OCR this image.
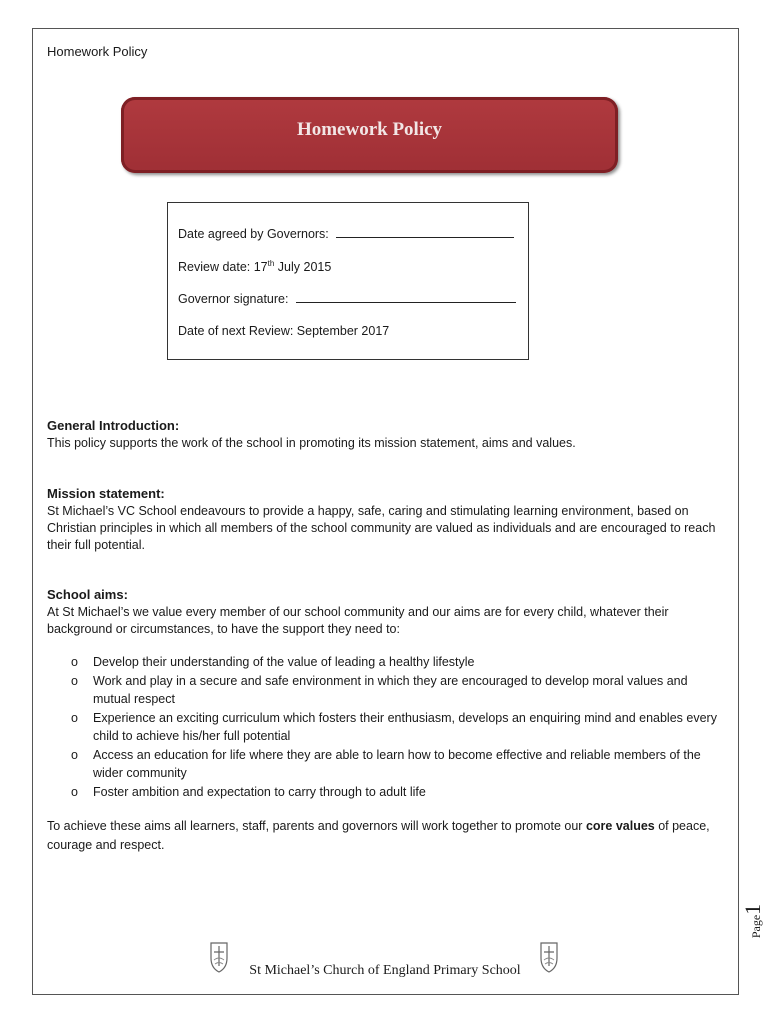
Homework Policy
Homework Policy
Date agreed by Governors:
Review date: 17th July 2015
Governor signature:
Date of next Review: September 2017
General Introduction:
This policy supports the work of the school in promoting its mission statement, aims and values.
Mission statement:
St Michael’s VC School endeavours to provide a happy, safe, caring and stimulating learning environment, based on Christian principles in which all members of the school community are valued as individuals and are encouraged to reach their full potential.
School aims:
At St Michael’s we value every member of our school community and our aims are for every child, whatever their background or circumstances, to have the support they need to:
o Develop their understanding of the value of leading a healthy lifestyle
o Work and play in a secure and safe environment in which they are encouraged to develop moral values and mutual respect
o Experience an exciting curriculum which fosters their enthusiasm, develops an enquiring mind and enables every child to achieve his/her full potential
o Access an education for life where they are able to learn how to become effective and reliable members of the wider community
o Foster ambition and expectation to carry through to adult life
To achieve these aims all learners, staff, parents and governors will work together to promote our core values of peace, courage and respect.
Page1
St Michael’s Church of England Primary School
